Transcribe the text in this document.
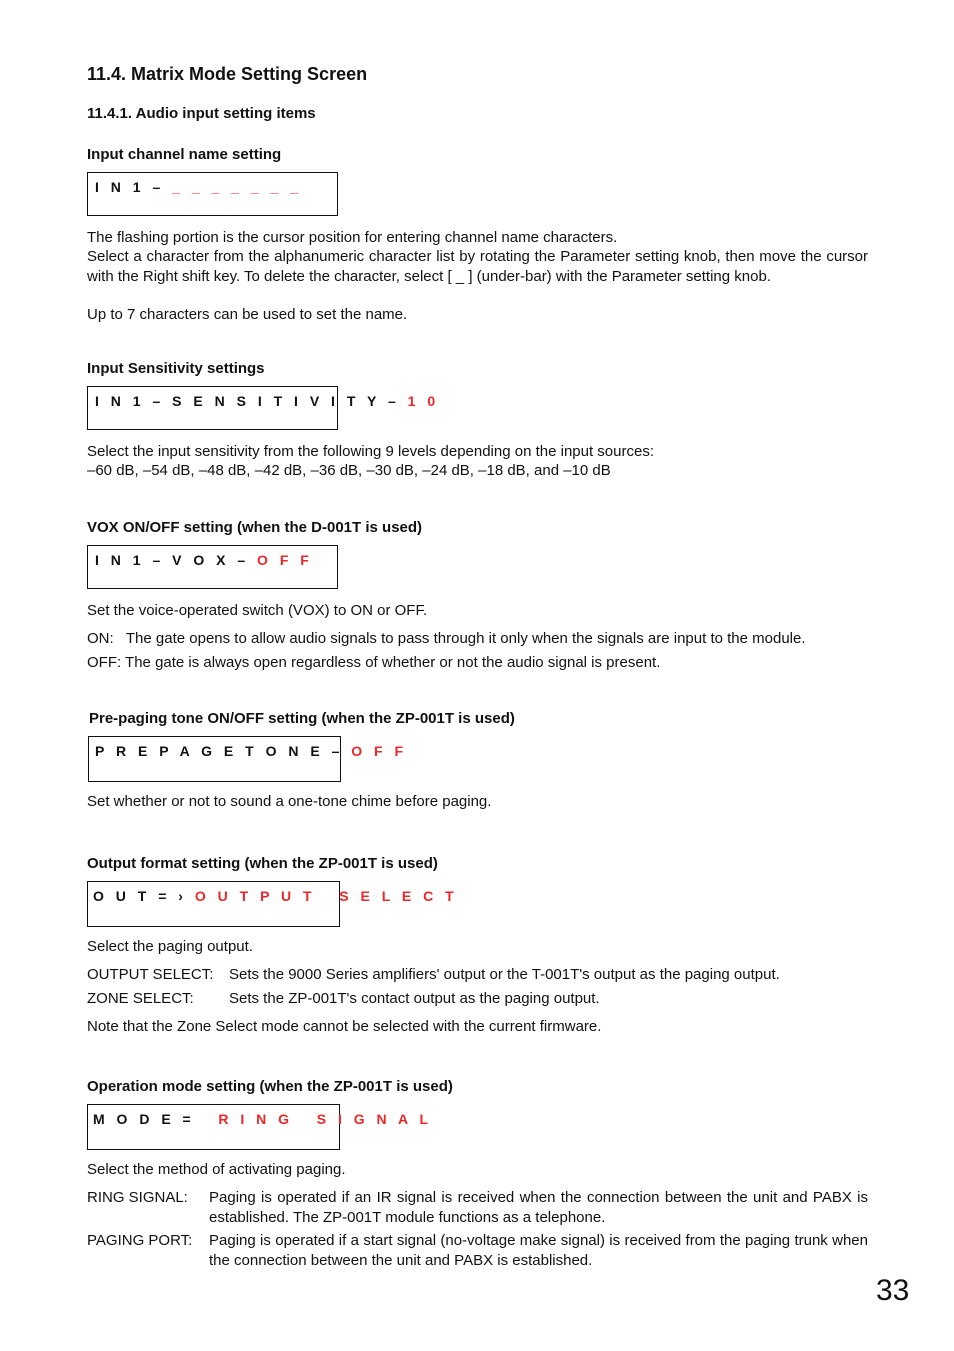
11.4. Matrix Mode Setting Screen
11.4.1. Audio input setting items
Input channel name setting
I N 1 – _ _ _ _ _ _ _
The flashing portion is the cursor position for entering channel name characters.
Select a character from the alphanumeric character list by rotating the Parameter setting knob, then move the cursor with the Right shift key. To delete the character, select [ _ ] (under-bar) with the Parameter setting knob.
Up to 7 characters can be used to set the name.
Input Sensitivity settings
I N 1 – S E N S I T I V I T Y – 1 0
Select the input sensitivity from the following 9 levels depending on the input sources:
–60 dB, –54 dB, –48 dB, –42 dB, –36 dB, –30 dB, –24 dB, –18 dB, and –10 dB
VOX ON/OFF setting (when the D-001T is used)
I N 1 – V O X – O F F
Set the voice-operated switch (VOX) to ON or OFF.
ON:   The gate opens to allow audio signals to pass through it only when the signals are input to the module.
OFF: The gate is always open regardless of whether or not the audio signal is present.
Pre-paging tone ON/OFF setting (when the ZP-001T is used)
P R E P A G E T O N E – O F F
Set whether or not to sound a one-tone chime before paging.
Output format setting (when the ZP-001T is used)
O U T = › O U T P U T   S E L E C T
Select the paging output.
OUTPUT SELECT: Sets the 9000 Series amplifiers' output or the T-001T's output as the paging output.
ZONE SELECT: Sets the ZP-001T's contact output as the paging output.
Note that the Zone Select mode cannot be selected with the current firmware.
Operation mode setting (when the ZP-001T is used)
M O D E =   R I N G   S I G N A L
Select the method of activating paging.
RING SIGNAL: Paging is operated if an IR signal is received when the connection between the unit and PABX is established. The ZP-001T module functions as a telephone.
PAGING PORT: Paging is operated if a start signal (no-voltage make signal) is received from the paging trunk when the connection between the unit and PABX is established.
33
